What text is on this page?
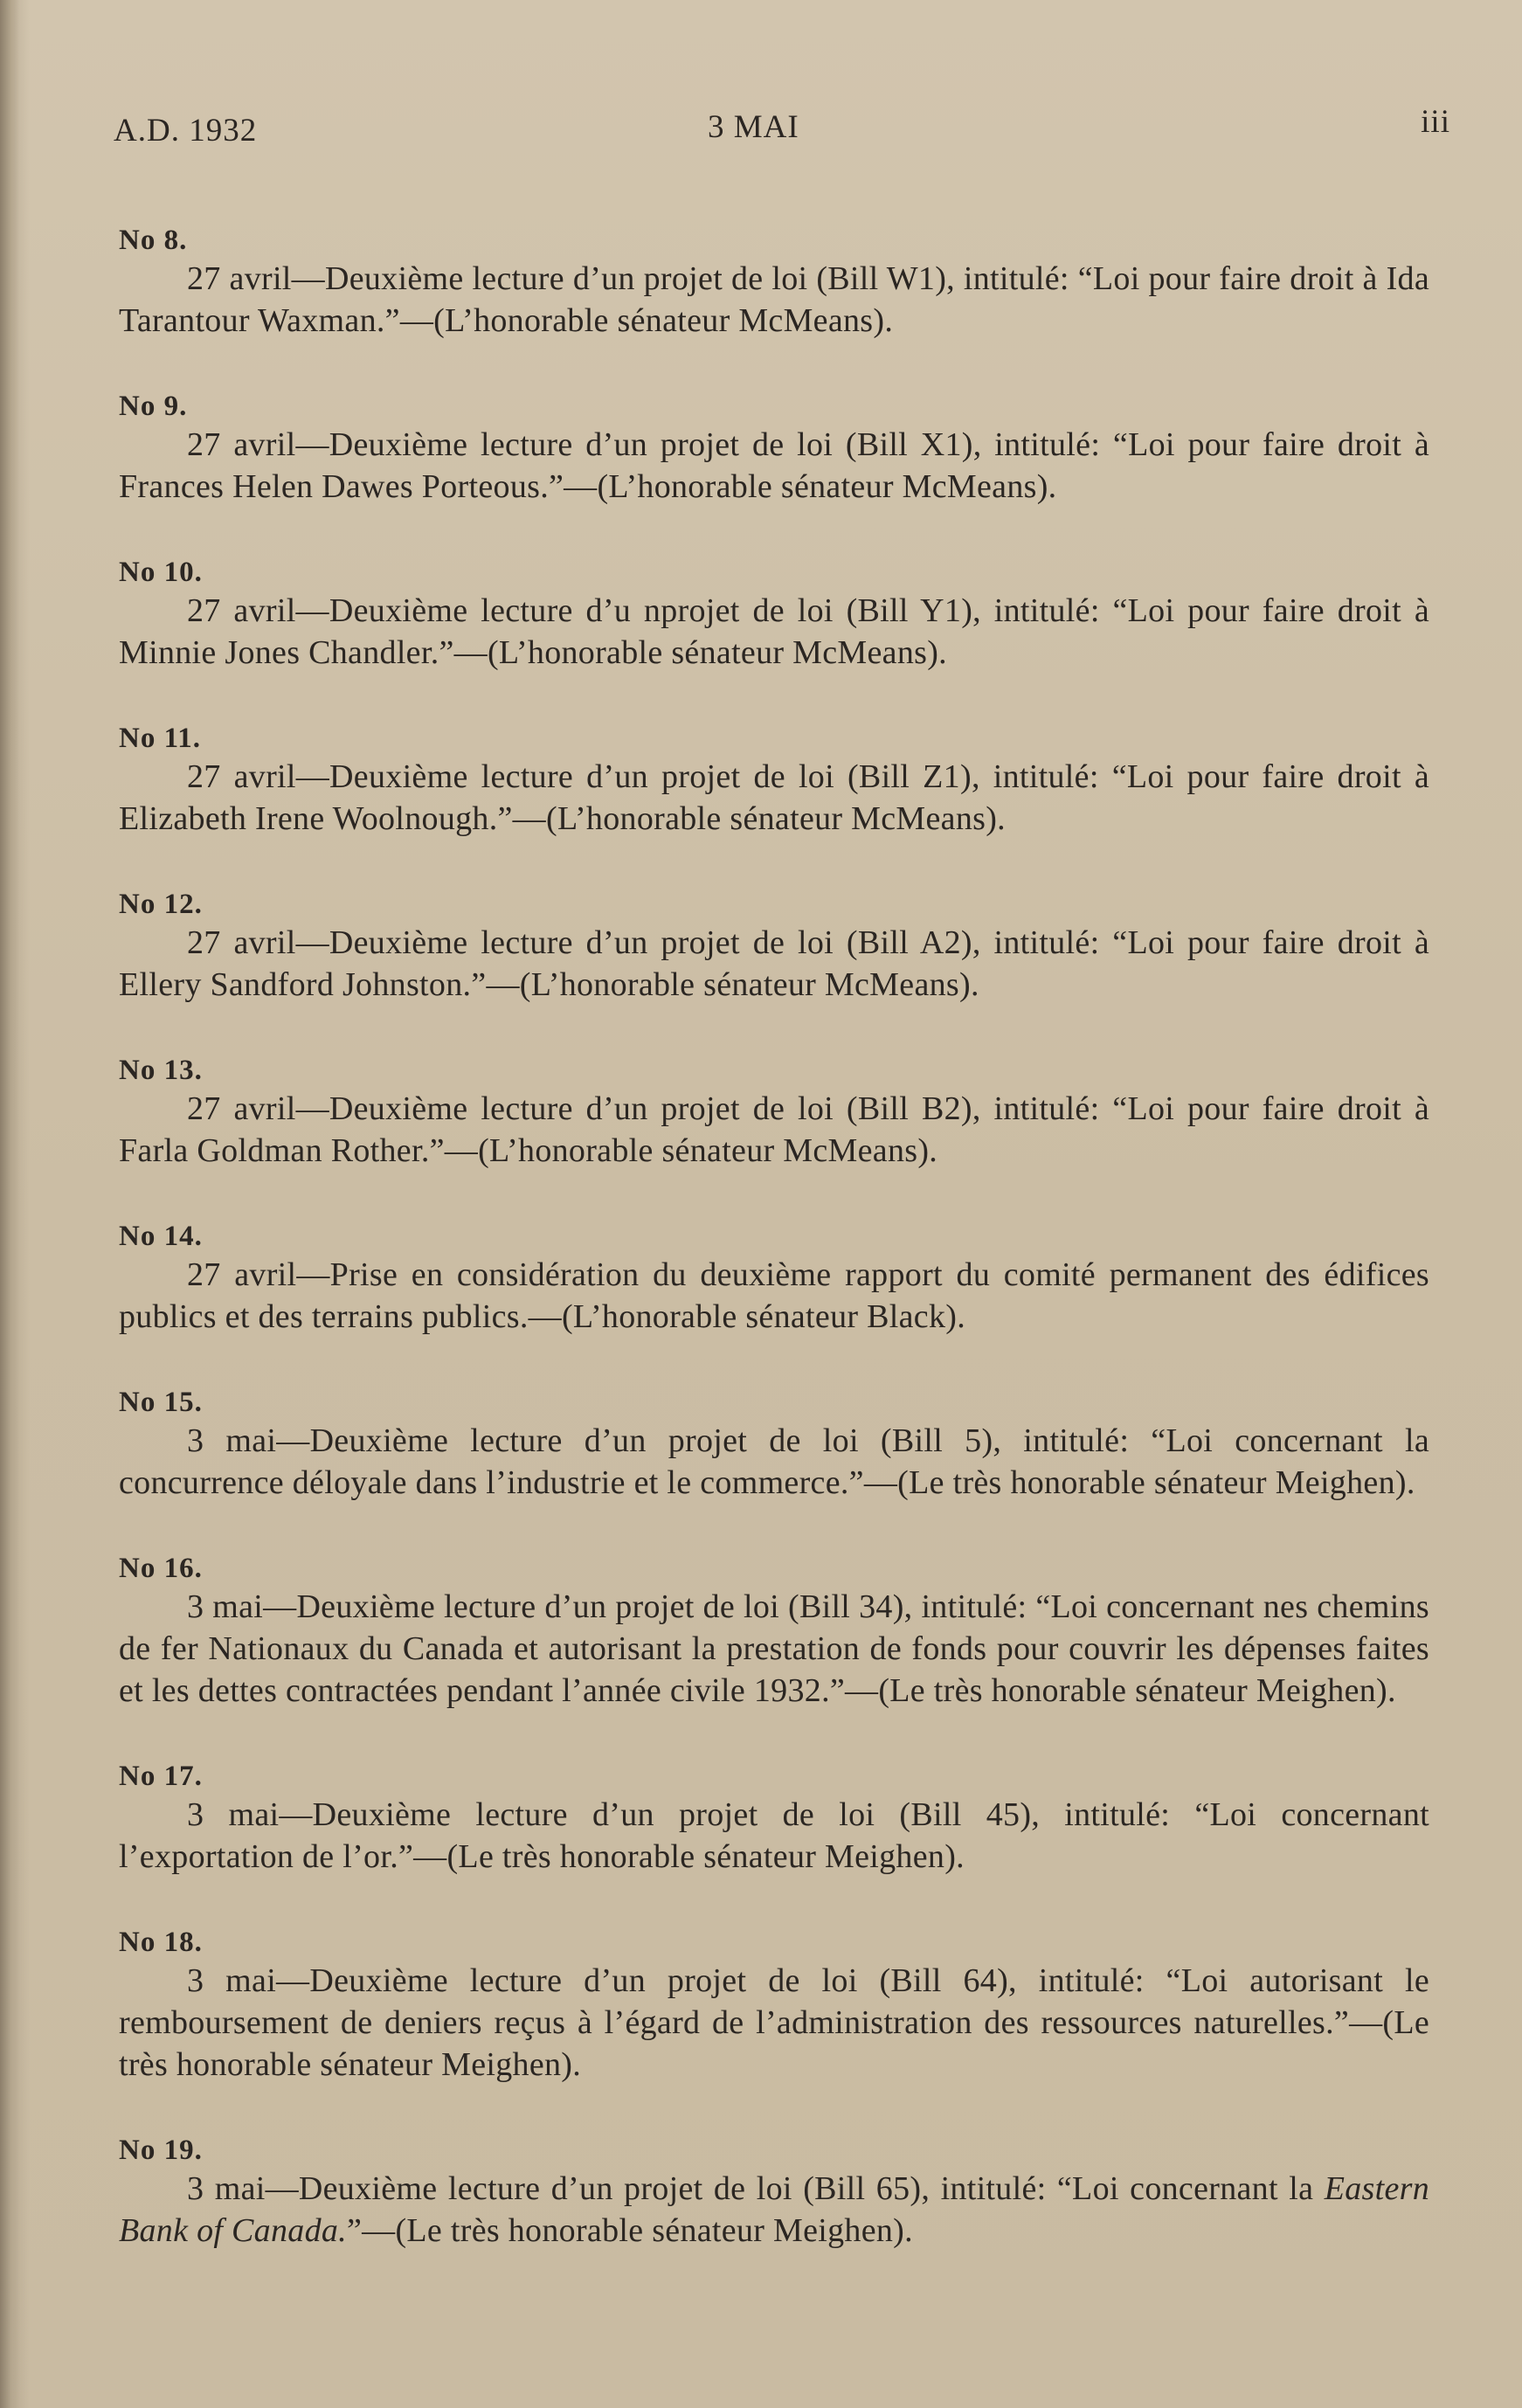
A.D. 1932	3 MAI	iii
No 8.

27 avril—Deuxième lecture d’un projet de loi (Bill W1), intitulé: “Loi pour faire droit à Ida Tarantour Waxman.”—(L’honorable sénateur McMeans).

No 9.

27 avril—Deuxième lecture d’un projet de loi (Bill X1), intitulé: “Loi pour faire droit à Frances Helen Dawes Porteous.”—(L’honorable sénateur McMeans).

No 10.

27 avril—Deuxième lecture d’u nprojet de loi (Bill Y1), intitulé: “Loi pour faire droit à Minnie Jones Chandler.”—(L’honorable sénateur McMeans).

No 11.

27 avril—Deuxième lecture d’un projet de loi (Bill Z1), intitulé: “Loi pour faire droit à Elizabeth Irene Woolnough.”—(L’honorable sénateur McMeans).

No 12.

27 avril—Deuxième lecture d’un projet de loi (Bill A2), intitulé: “Loi pour faire droit à Ellery Sandford Johnston.”—(L’honorable sénateur McMeans).

No 13.

27 avril—Deuxième lecture d’un projet de loi (Bill B2), intitulé: “Loi pour faire droit à Farla Goldman Rother.”—(L’honorable sénateur McMeans).

No 14.

27 avril—Prise en considération du deuxième rapport du comité permanent des édifices publics et des terrains publics.—(L’honorable sénateur Black).

No 15.

3 mai—Deuxième lecture d’un projet de loi (Bill 5), intitulé: “Loi concernant la concurrence déloyale dans l’industrie et le commerce.”—(Le très honorable sénateur Meighen).

No 16.

3 mai—Deuxième lecture d’un projet de loi (Bill 34), intitulé: “Loi concernant nes chemins de fer Nationaux du Canada et autorisant la prestation de fonds pour couvrir les dépenses faites et les dettes contractées pendant l’année civile 1932.”—(Le très honorable sénateur Meighen).

No 17.

3 mai—Deuxième lecture d’un projet de loi (Bill 45), intitulé: “Loi concernant l’exportation de l’or.”—(Le très honorable sénateur Meighen).

No 18.

3 mai—Deuxième lecture d’un projet de loi (Bill 64), intitulé: “Loi autorisant le remboursement de deniers reçus à l’égard de l’administration des ressources naturelles.”—(Le très honorable sénateur Meighen).

No 19.

3 mai—Deuxième lecture d’un projet de loi (Bill 65), intitulé: “Loi concernant la Eastern Bank of Canada.”—(Le très honorable sénateur Meighen).
